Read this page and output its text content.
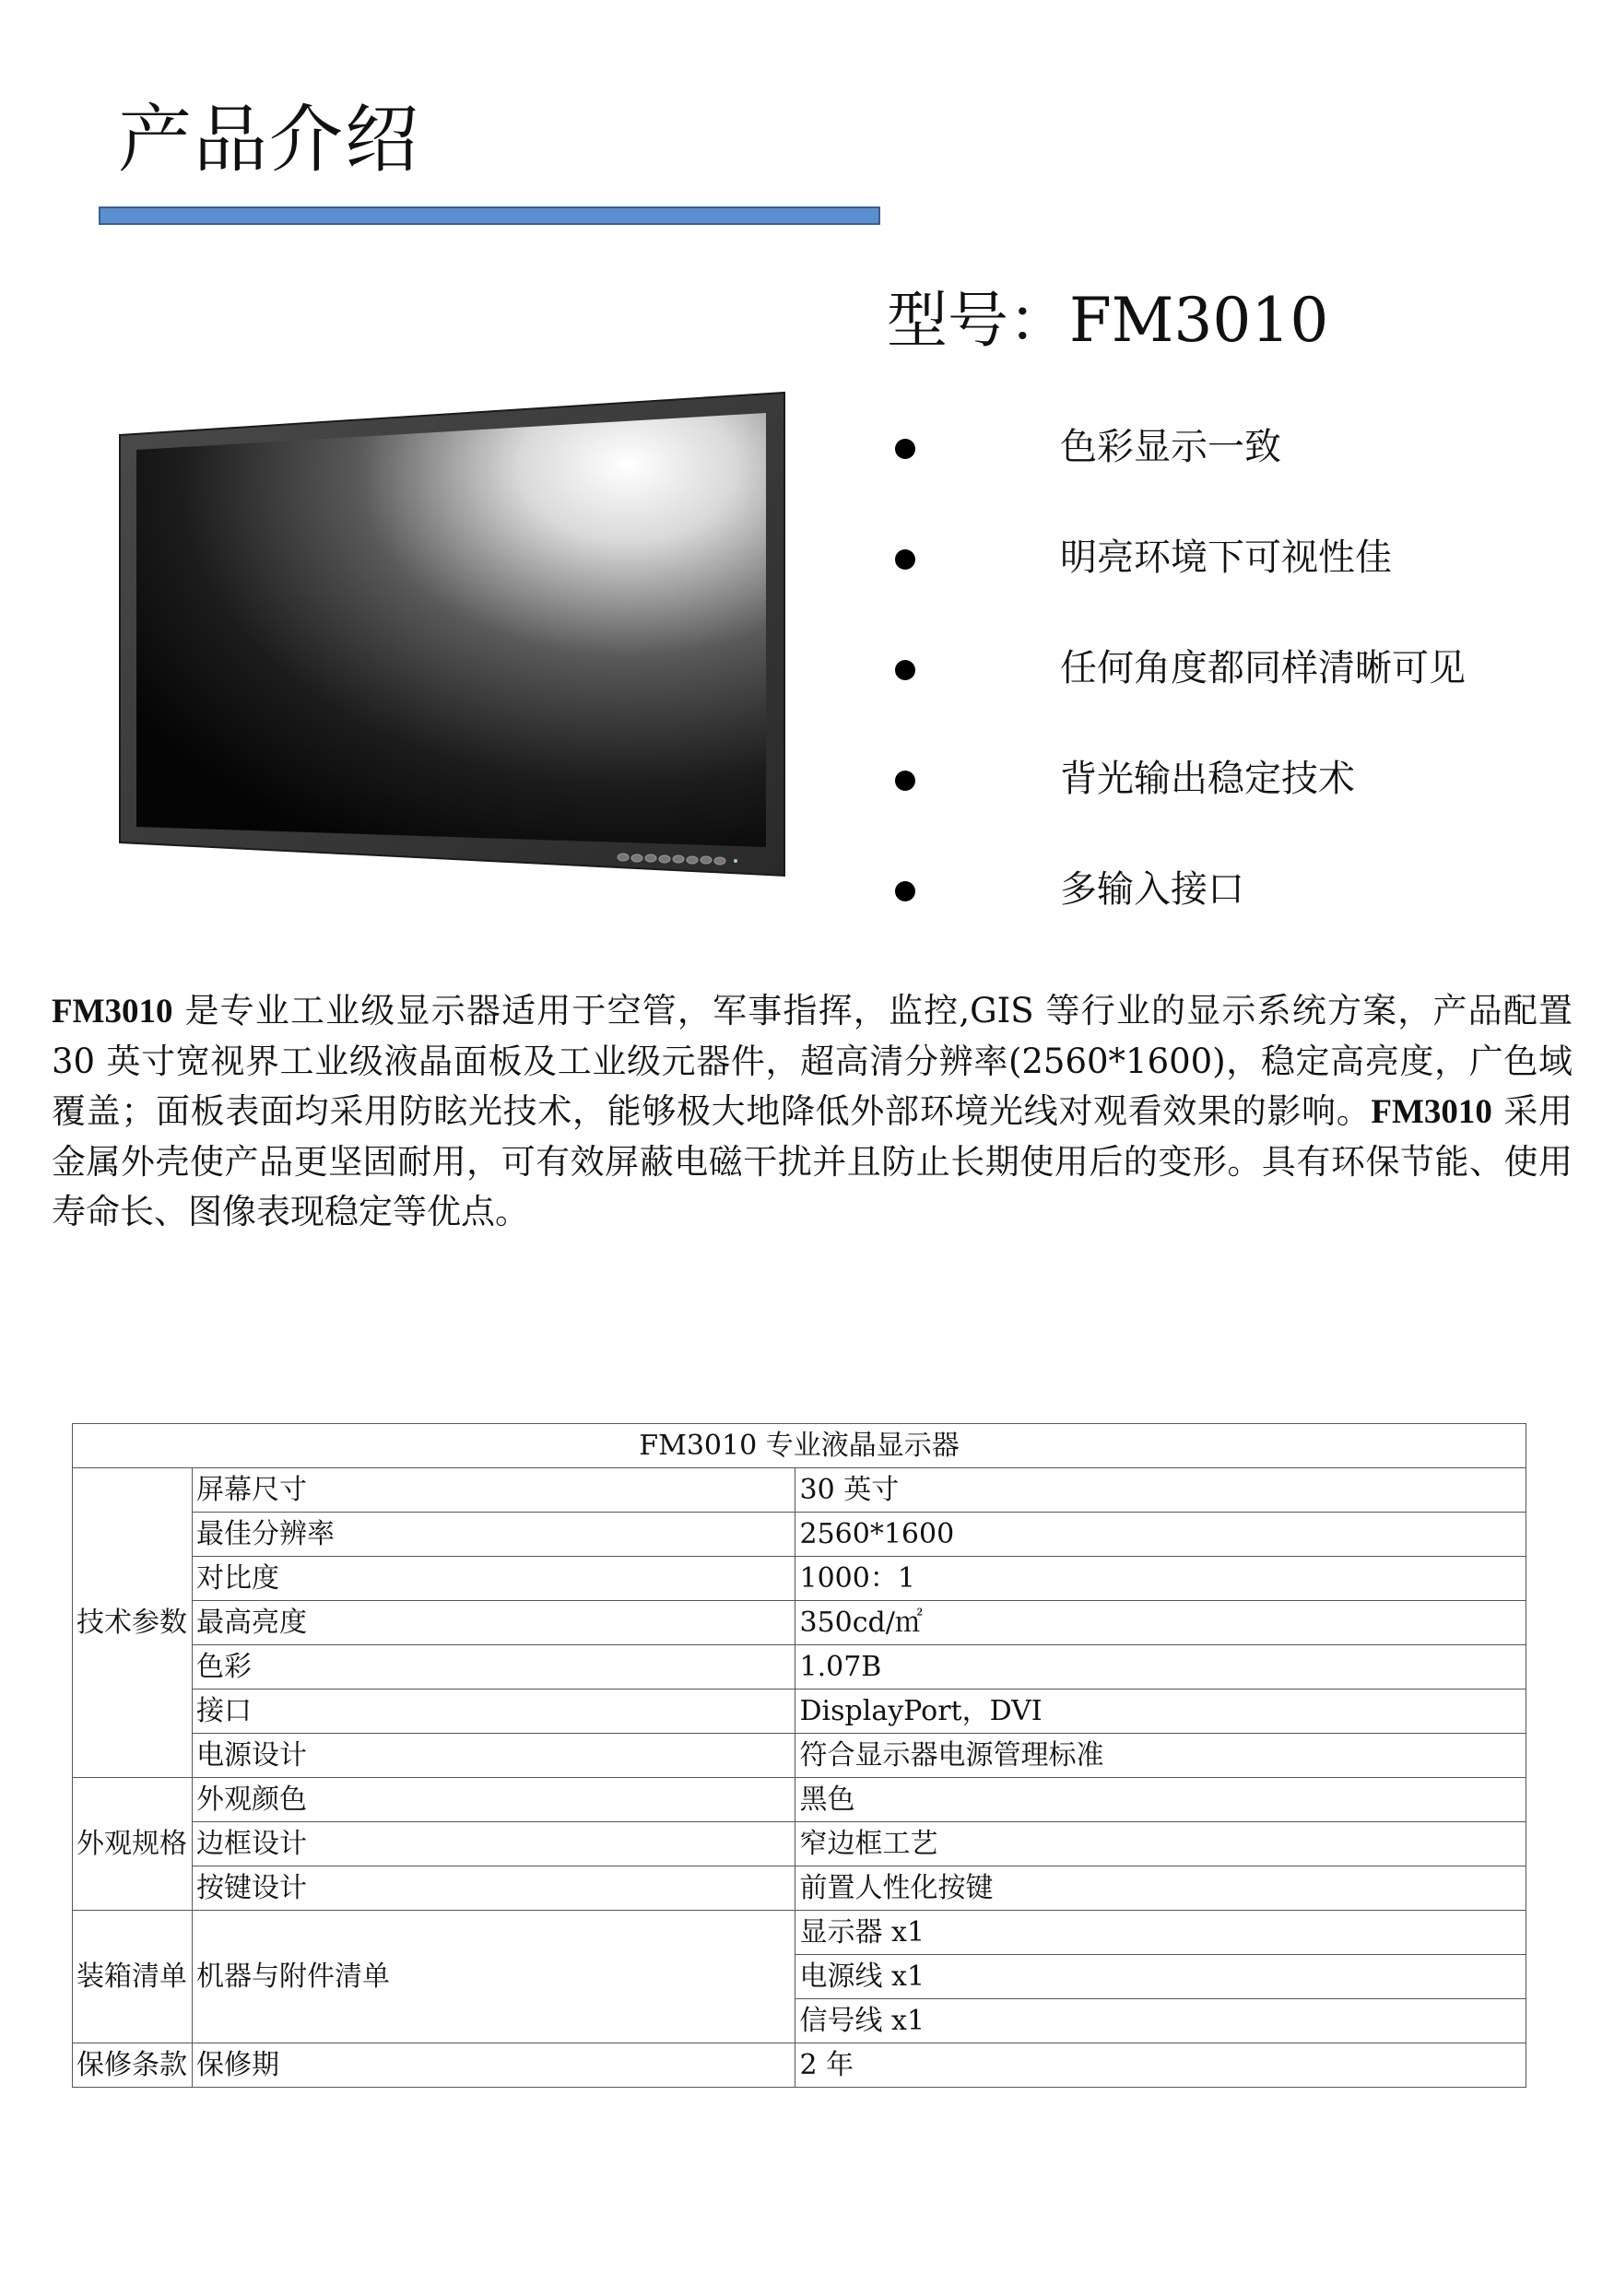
产品介绍
型号：FM3010
色彩显示一致
明亮环境下可视性佳
任何角度都同样清晰可见
背光输出稳定技术
多输入接口

FM3010 是专业工业级显示器适用于空管，军事指挥，监控,GIS 等行业的显示系统方案，产品配置 30 英寸宽视界工业级液晶面板及工业级元器件，超高清分辨率(2560*1600)，稳定高亮度，广色域覆盖；面板表面均采用防眩光技术，能够极大地降低外部环境光线对观看效果的影响。FM3010 采用金属外壳使产品更坚固耐用，可有效屏蔽电磁干扰并且防止长期使用后的变形。具有环保节能、使用寿命长、图像表现稳定等优点。

FM3010 专业液晶显示器		
技术参数	屏幕尺寸	30 英寸
	最佳分辨率	2560*1600
	对比度	1000：1
	最高亮度	350cd/㎡
	色彩	1.07B
	接口	DisplayPort，DVI
	电源设计	符合显示器电源管理标准
外观规格	外观颜色	黑色
	边框设计	窄边框工艺
	按键设计	前置人性化按键
装箱清单	机器与附件清单	显示器 x1
		电源线 x1
		信号线 x1
保修条款	保修期	2 年
